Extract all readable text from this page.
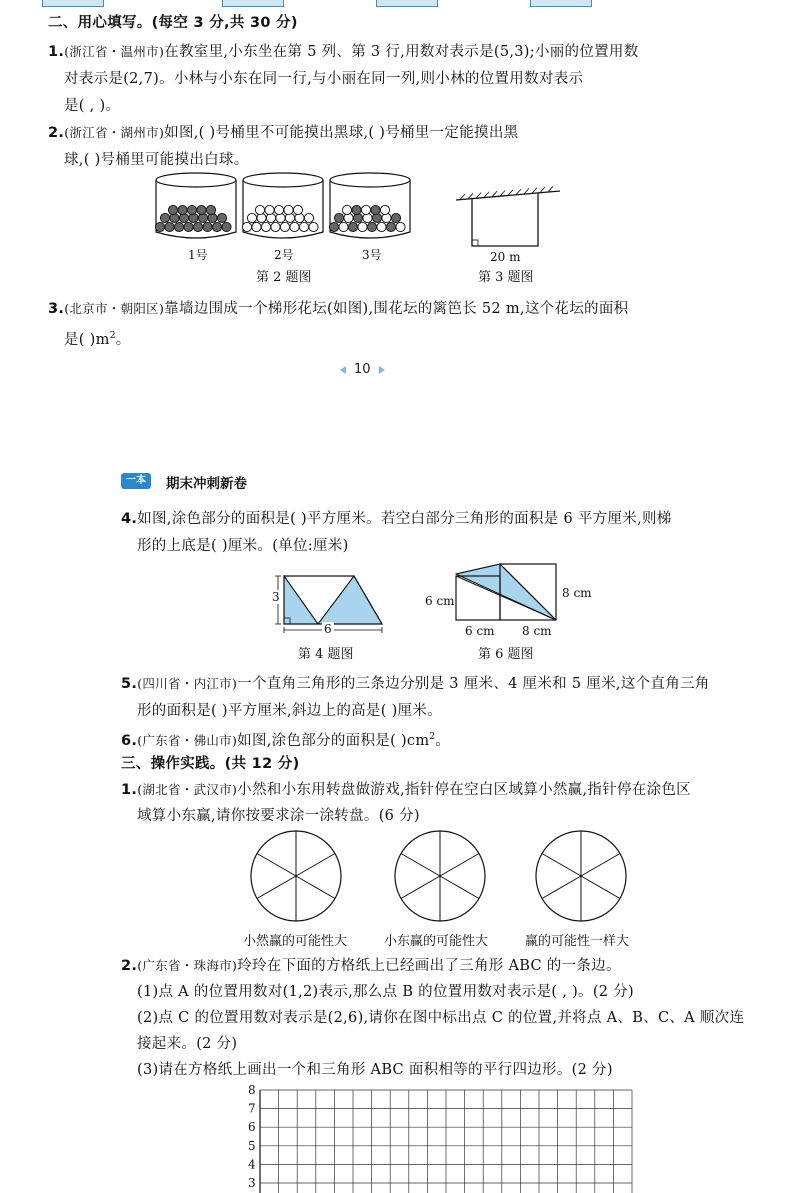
二、用心填写。(每空 3 分,共 30 分)
1.(浙江省・温州市)在教室里,小东坐在第 5 列、第 3 行,用数对表示是(5,3);小丽的位置用数
对表示是(2,7)。小林与小东在同一行,与小丽在同一列,则小林的位置用数对表示
是( , )。
2.(浙江省・湖州市)如图,( )号桶里不可能摸出黑球,( )号桶里一定能摸出黑
球,( )号桶里可能摸出白球。
1号	2号	3号
第 2 题图
20 m
第 3 题图
3.(北京市・朝阳区)靠墙边围成一个梯形花坛(如图),围花坛的篱笆长 52 m,这个花坛的面积
是( )$m^2$。
10
一本	期末冲刺新卷
4.如图,涂色部分的面积是( )平方厘米。若空白部分三角形的面积是 6 平方厘米,则梯
形的上底是( )厘米。(单位:厘米)
3
6
第 4 题图
6 cm
8 cm
6 cm 8 cm
第 6 题图
5.(四川省・内江市)一个直角三角形的三条边分别是 3 厘米、4 厘米和 5 厘米,这个直角三角
形的面积是( )平方厘米,斜边上的高是( )厘米。
6.(广东省・佛山市)如图,涂色部分的面积是( )$cm^2$。
三、操作实践。(共 12 分)
1.(湖北省・武汉市)小然和小东用转盘做游戏,指针停在空白区域算小然赢,指针停在涂色区
域算小东赢,请你按要求涂一涂转盘。(6 分)
小然赢的可能性大	小东赢的可能性大	赢的可能性一样大
2.(广东省・珠海市)玲玲在下面的方格纸上已经画出了三角形 ABC 的一条边。
(1)点 A 的位置用数对(1,2)表示,那么点 B 的位置用数对表示是( , )。(2 分)
(2)点 C 的位置用数对表示是(2,6),请你在图中标出点 C 的位置,并将点 A、B、C、A 顺次连
接起来。(2 分)
(3)请在方格纸上画出一个和三角形 ABC 面积相等的平行四边形。(2 分)
8
7
6
5
4
3
